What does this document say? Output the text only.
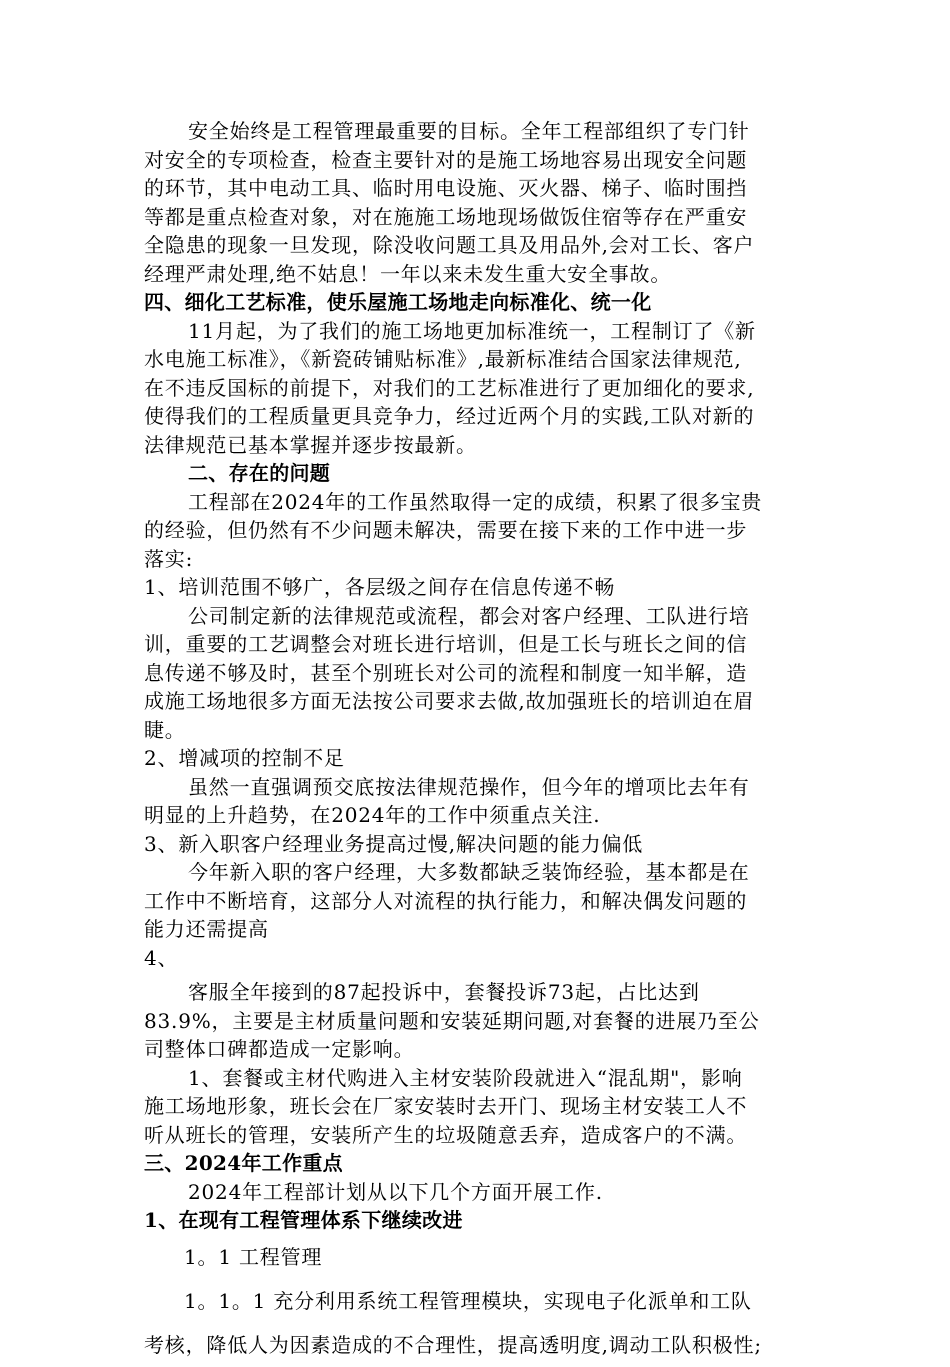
安全始终是工程管理最重要的目标。全年工程部组织了专门针
对安全的专项检查，检查主要针对的是施工场地容易出现安全问题
的环节，其中电动工具、临时用电设施、灭火器、梯子、临时围挡
等都是重点检查对象，对在施施工场地现场做饭住宿等存在严重安
全隐患的现象一旦发现，除没收问题工具及用品外,会对工长、客户
经理严肃处理,绝不姑息！一年以来未发生重大安全事故。
四、细化工艺标准，使乐屋施工场地走向标准化、统一化
11月起，为了我们的施工场地更加标准统一，工程制订了《新
水电施工标准》，《新瓷砖铺贴标准》,最新标准结合国家法律规范,
在不违反国标的前提下，对我们的工艺标准进行了更加细化的要求,
使得我们的工程质量更具竞争力，经过近两个月的实践,工队对新的
法律规范已基本掌握并逐步按最新。
二、存在的问题
工程部在2024年的工作虽然取得一定的成绩，积累了很多宝贵
的经验，但仍然有不少问题未解决，需要在接下来的工作中进一步
落实:
1、培训范围不够广，各层级之间存在信息传递不畅
公司制定新的法律规范或流程，都会对客户经理、工队进行培
训，重要的工艺调整会对班长进行培训，但是工长与班长之间的信
息传递不够及时，甚至个别班长对公司的流程和制度一知半解，造
成施工场地很多方面无法按公司要求去做,故加强班长的培训迫在眉
睫。
2、增减项的控制不足
虽然一直强调预交底按法律规范操作，但今年的增项比去年有
明显的上升趋势，在2024年的工作中须重点关注.
3、新入职客户经理业务提高过慢,解决问题的能力偏低
今年新入职的客户经理，大多数都缺乏装饰经验，基本都是在
工作中不断培育，这部分人对流程的执行能力，和解决偶发问题的
能力还需提高
4、
客服全年接到的87起投诉中，套餐投诉73起，占比达到
83.9%，主要是主材质量问题和安装延期问题,对套餐的进展乃至公
司整体口碑都造成一定影响。
1、套餐或主材代购进入主材安装阶段就进入“混乱期"，影响
施工场地形象，班长会在厂家安装时去开门、现场主材安装工人不
听从班长的管理，安装所产生的垃圾随意丢弃，造成客户的不满。
三、2024年工作重点
2024年工程部计划从以下几个方面开展工作.
1、在现有工程管理体系下继续改进
1。1 工程管理
1。1。1 充分利用系统工程管理模块，实现电子化派单和工队
考核，降低人为因素造成的不合理性，提高透明度,调动工队积极性;
